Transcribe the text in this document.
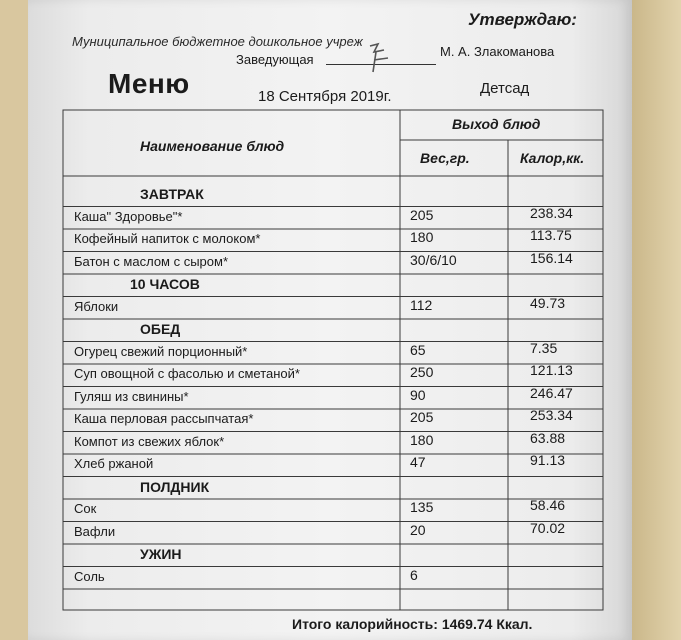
Муниципальное бюджетное дошкольное учреж
Утверждаю:
Заведующая
М. А. Злакоманова
Меню	18 Сентября 2019г.	Детсад
Наименование блюд
Выход блюд
Вес,гр.	Калор,кк.
ЗАВТРАК
Каша" Здоровье"*	205	238.34
Кофейный напиток с молоком*	180	113.75
Батон с маслом с сыром*	30/6/10	156.14
10 ЧАСОВ
Яблоки	112	49.73
ОБЕД
Огурец свежий порционный*	65	7.35
Суп овощной с фасолью и сметаной*	250	121.13
Гуляш из свинины*	90	246.47
Каша перловая рассыпчатая*	205	253.34
Компот из свежих яблок*	180	63.88
Хлеб ржаной	47	91.13
ПОЛДНИК
Сок	135	58.46
Вафли	20	70.02
УЖИН
Соль	6
Итого калорийность: 1469.74 Ккал.
